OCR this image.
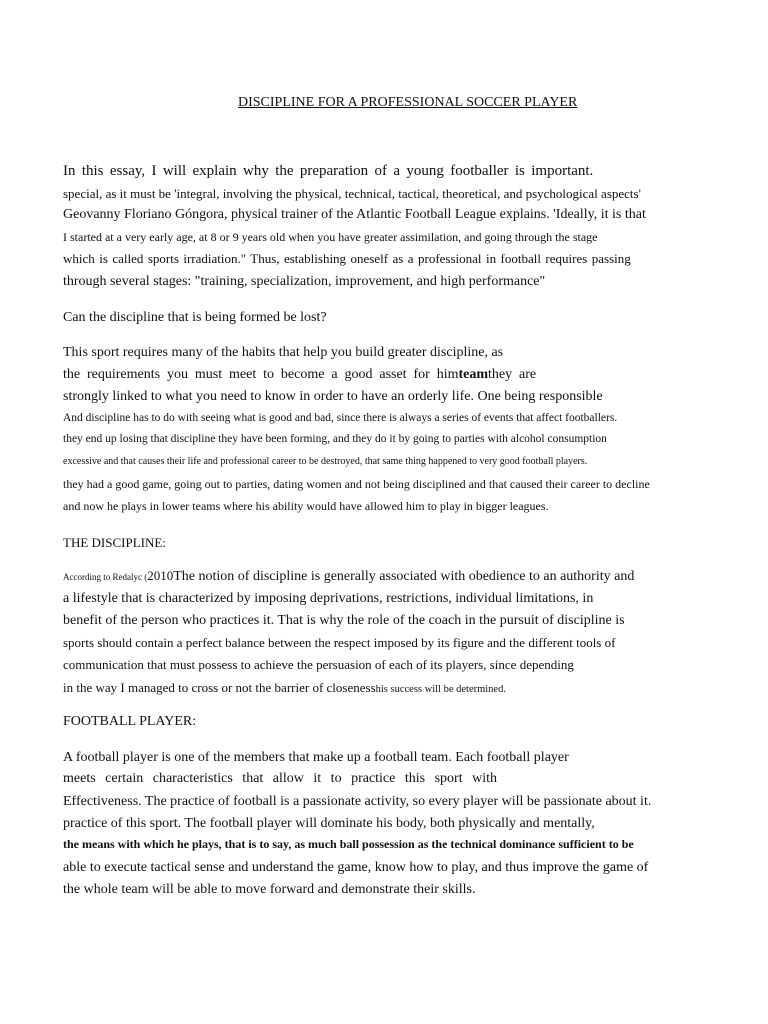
DISCIPLINE FOR A PROFESSIONAL SOCCER PLAYER
In this essay, I will explain why the preparation of a young footballer is important.
special, as it must be 'integral, involving the physical, technical, tactical, theoretical, and psychological aspects'
Geovanny Floriano Góngora, physical trainer of the Atlantic Football League explains. 'Ideally, it is that
I started at a very early age, at 8 or 9 years old when you have greater assimilation, and going through the stage
which is called sports irradiation." Thus, establishing oneself as a professional in football requires passing
through several stages: "training, specialization, improvement, and high performance"
Can the discipline that is being formed be lost?
This sport requires many of the habits that help you build greater discipline, as
the requirements you must meet to become a good asset for himteamthey are
strongly linked to what you need to know in order to have an orderly life. One being responsible
And discipline has to do with seeing what is good and bad, since there is always a series of events that affect footballers.
they end up losing that discipline they have been forming, and they do it by going to parties with alcohol consumption
excessive and that causes their life and professional career to be destroyed, that same thing happened to very good football players.
they had a good game, going out to parties, dating women and not being disciplined and that caused their career to decline
and now he plays in lower teams where his ability would have allowed him to play in bigger leagues.
THE DISCIPLINE:
According to Redalyc (2010The notion of discipline is generally associated with obedience to an authority and
a lifestyle that is characterized by imposing deprivations, restrictions, individual limitations, in
benefit of the person who practices it. That is why the role of the coach in the pursuit of discipline is
sports should contain a perfect balance between the respect imposed by its figure and the different tools of
communication that must possess to achieve the persuasion of each of its players, since depending
in the way I managed to cross or not the barrier of closenesshis success will be determined.
FOOTBALL PLAYER:
A football player is one of the members that make up a football team. Each football player
meets certain characteristics that allow it to practice this sport with
Effectiveness. The practice of football is a passionate activity, so every player will be passionate about it.
practice of this sport. The football player will dominate his body, both physically and mentally,
the means with which he plays, that is to say, as much ball possession as the technical dominance sufficient to be
able to execute tactical sense and understand the game, know how to play, and thus improve the game of
the whole team will be able to move forward and demonstrate their skills.
